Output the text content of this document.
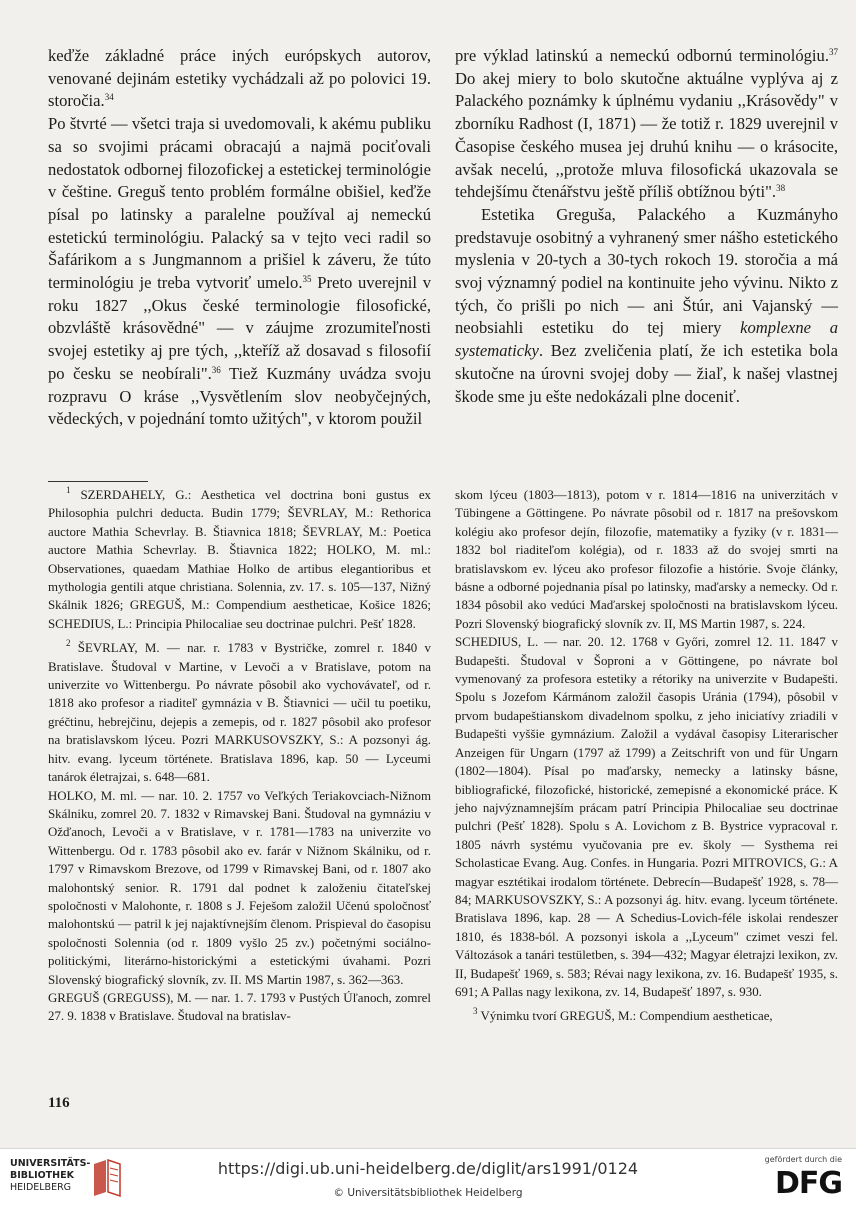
keďže základné práce iných európskych autorov, venované dejinám estetiky vychádzali až po polovici 19. storočia.$^{34}$

Po štvrté — všetci traja si uvedomovali, k akému publiku sa so svojimi prácami obracajú a najmä pociťovali nedostatok odbornej filozofickej a estetickej terminológie v češtine. Greguš tento problém formálne obišiel, keďže písal po latinsky a paralelne používal aj nemeckú estetickú terminológiu. Palacký sa v tejto veci radil so Šafárikom a s Jungmannom a prišiel k záveru, že túto terminológiu je treba vytvoriť umelo.$^{35}$ Preto uverejnil v roku 1827 ,,Okus české terminologie filosofické, obzvláště krásovědné" — v záujme zrozumiteľnosti svojej estetiky aj pre tých, ,,kteříž až dosavad s filosofií po česku se neobírali".$^{36}$ Tiež Kuzmány uvádza svoju rozpravu O kráse ,,Vysvětlením slov neobyčejných, vědeckých, v pojednání tomto užitých", v ktorom použil

pre výklad latinskú a nemeckú odbornú terminológiu.$^{37}$ Do akej miery to bolo skutočne aktuálne vyplýva aj z Palackého poznámky k úplnému vydaniu ,,Krásovědy" v zborníku Radhost (I, 1871) — že totiž r. 1829 uverejnil v Časopise českého museа jej druhú knihu — o krásocite, avšak necelú, ,,protože mluva filosofická ukazovala se tehdejšímu čtenářstvu ještě příliš obtížnou býti".$^{38}$

Estetika Greguša, Palackého a Kuzmányho predstavuje osobitný a vyhranený smer nášho estetického myslenia v 20-tych a 30-tych rokoch 19. storočia a má svoj významný podiel na kontinuite jeho vývinu. Nikto z tých, čo prišli po nich — ani Štúr, ani Vajanský — neobsiahli estetiku do tej miery komplexne a systematicky. Bez zveličenia platí, že ich estetika bola skutočne na úrovni svojej doby — žiaľ, k našej vlastnej škode sme ju ešte nedokázali plne doceniť.

$^1$ SZERDAHELY, G.: Aesthetica vel doctrina boni gustus ex Philosophia pulchri deducta. Budin 1779; ŠEVRLAY, M.: Rethorica auctore Mathia Schevrlay. B. Štiavnica 1818; ŠEVRLAY, M.: Poetica auctore Mathia Schevrlay. B. Štiavnica 1822; HOLKO, M. ml.: Observationes, quaedam Mathiae Holko de artibus elegantioribus et mythologia gentili atque christiana. Solennia, zv. 17. s. 105—137, Nižný Skálnik 1826; GREGUŠ, M.: Compendium aestheticae, Košice 1826; SCHEDIUS, L.: Principia Philocaliae seu doctrinae pulchri. Pešť 1828.

$^2$ ŠEVRLAY, M. — nar. r. 1783 v Bystričke, zomrel r. 1840 v Bratislave. Študoval v Martine, v Levoči a v Bratislave, potom na univerzite vo Wittenbergu. Po návrate pôsobil ako vychovávateľ, od r. 1818 ako profesor a riaditeľ gymnázia v B. Štiavnici — učil tu poetiku, gréčtinu, hebrejčinu, dejepis a zemepis, od r. 1827 pôsobil ako profesor na bratislavskom lýceu. Pozri MARKUSOVSZKY, S.: A pozsonyi ág. hitv. evang. lyceum története. Bratislava 1896, kap. 50 — Lyceumi tanárok életrajzai, s. 648—681.

HOLKO, M. ml. — nar. 10. 2. 1757 vo Veľkých Teriakovciach-Nižnom Skálniku, zomrel 20. 7. 1832 v Rimavskej Bani. Študoval na gymnáziu v Ožďanoch, Levoči a v Bratislave, v r. 1781—1783 na univerzite vo Wittenbergu. Od r. 1783 pôsobil ako ev. farár v Nižnom Skálniku, od r. 1797 v Rimavskom Brezove, od 1799 v Rimavskej Bani, od r. 1807 ako malohontský senior. R. 1791 dal podnet k založeniu čitateľskej spoločnosti v Malohonte, r. 1808 s J. Feješom založil Učenú spoločnosť malohontskú — patril k jej najaktívnejším členom. Prispieval do časopisu spoločnosti Solennia (od r. 1809 vyšlo 25 zv.) početnými sociálno-politickými, literárno-historickými a estetickými úvahami. Pozri Slovenský biografický slovník, zv. II. MS Martin 1987, s. 362—363.

GREGUŠ (GREGUSS), M. — nar. 1. 7. 1793 v Pustých Úľanoch, zomrel 27. 9. 1838 v Bratislave. Študoval na bratislav-

skom lýceu (1803—1813), potom v r. 1814—1816 na univerzitách v Tübingene a Göttingene. Po návrate pôsobil od r. 1817 na prešovskom kolégiu ako profesor dejín, filozofie, matematiky a fyziky (v r. 1831—1832 bol riaditeľom kolégia), od r. 1833 až do svojej smrti na bratislavskom ev. lýceu ako profesor filozofie a histórie. Svoje články, básne a odborné pojednania písal po latinsky, maďarsky a nemecky. Od r. 1834 pôsobil ako vedúci Maďarskej spoločnosti na bratislavskom lýceu. Pozri Slovenský biografický slovník zv. II, MS Martin 1987, s. 224.

SCHEDIUS, L. — nar. 20. 12. 1768 v Győri, zomrel 12. 11. 1847 v Budapešti. Študoval v Šoproni a v Göttingene, po návrate bol vymenovaný za profesora estetiky a rétoriky na univerzite v Budapešti. Spolu s Jozefom Kármánom založil časopis Uránia (1794), pôsobil v prvom budapeštianskom divadelnom spolku, z jeho iniciatívy zriadili v Budapešti vyššie gymnázium. Založil a vydával časopisy Literarischer Anzeigen für Ungarn (1797 až 1799) a Zeitschrift von und für Ungarn (1802—1804). Písal po maďarsky, nemecky a latinsky básne, bibliografické, filozofické, historické, zemepisné a ekonomické práce. K jeho najvýznamnejším prácam patrí Principia Philocaliae seu doctrinae pulchri (Pešť 1828). Spolu s A. Lovichom z B. Bystrice vypracoval r. 1805 návrh systému vyučovania pre ev. školy — Systhema rei Scholasticae Evang. Aug. Confes. in Hungaria. Pozri MITROVICS, G.: A magyar esztétikai irodalom története. Debrecín—Budapešť 1928, s. 78—84; MARKUSOVSZKY, S.: A pozsonyi ág. hitv. evang. lyceum története. Bratislava 1896, kap. 28 — A Schedius-Lovich-féle iskolai rendeszer 1810, és 1838-ból. A pozsonyi iskola a ,,Lyceum" czimet veszi fel. Változások a tanári testületben, s. 394—432; Magyar életrajzi lexikon, zv. II, Budapešť 1969, s. 583; Révai nagy lexikona, zv. 16. Budapešť 1935, s. 691; A Pallas nagy lexikona, zv. 14, Budapešť 1897, s. 930.

$^3$ Výnimku tvorí GREGUŠ, M.: Compendium aestheticae,

116
UNIVERSITÄTS-
BIBLIOTHEK
HEIDELBERG
https://digi.ub.uni-heidelberg.de/diglit/ars1991/0124
© Universitätsbibliothek Heidelberg
gefördert durch die
DFG
